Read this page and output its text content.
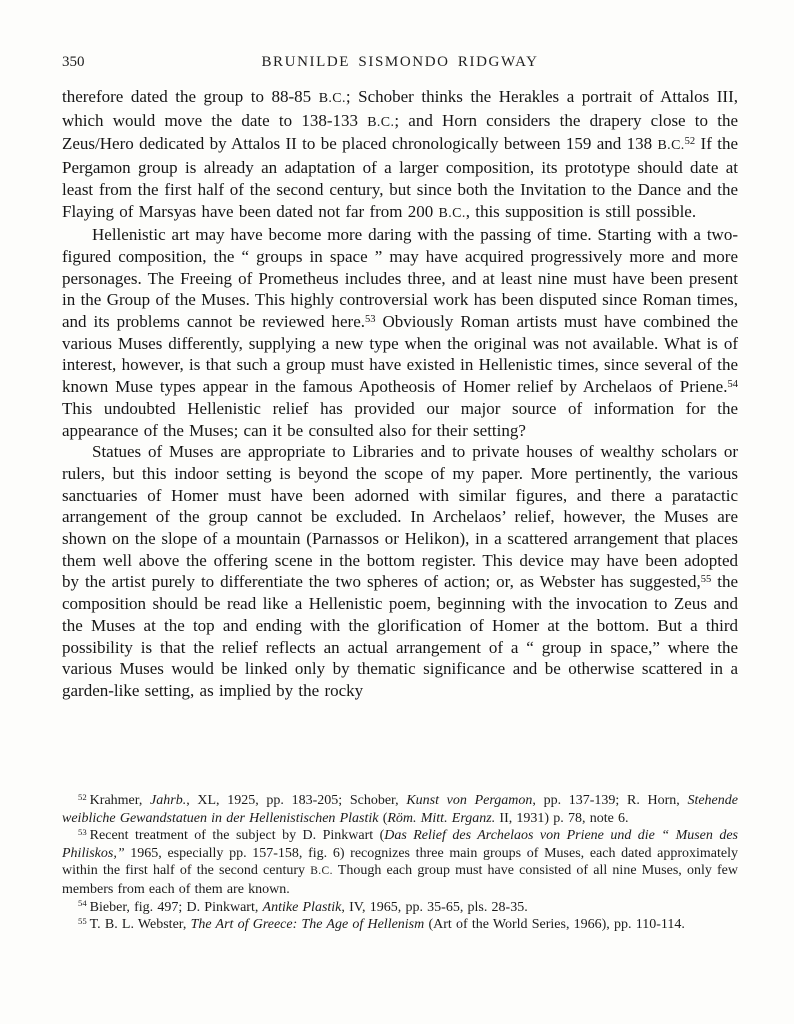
350	BRUNILDE SISMONDO RIDGWAY

therefore dated the group to 88-85 B.C.; Schober thinks the Herakles a portrait of Attalos III, which would move the date to 138-133 B.C.; and Horn considers the drapery close to the Zeus/Hero dedicated by Attalos II to be placed chronologically between 159 and 138 B.C.$^{52}$ If the Pergamon group is already an adaptation of a larger composition, its prototype should date at least from the first half of the second century, but since both the Invitation to the Dance and the Flaying of Marsyas have been dated not far from 200 B.C., this supposition is still possible.

Hellenistic art may have become more daring with the passing of time. Starting with a two-figured composition, the “ groups in space ” may have acquired progressively more and more personages. The Freeing of Prometheus includes three, and at least nine must have been present in the Group of the Muses. This highly controversial work has been disputed since Roman times, and its problems cannot be reviewed here.$^{53}$ Obviously Roman artists must have combined the various Muses differently, supplying a new type when the original was not available. What is of interest, however, is that such a group must have existed in Hellenistic times, since several of the known Muse types appear in the famous Apotheosis of Homer relief by Archelaos of Priene.$^{54}$ This undoubted Hellenistic relief has provided our major source of information for the appearance of the Muses; can it be consulted also for their setting?

Statues of Muses are appropriate to Libraries and to private houses of wealthy scholars or rulers, but this indoor setting is beyond the scope of my paper. More pertinently, the various sanctuaries of Homer must have been adorned with similar figures, and there a paratactic arrangement of the group cannot be excluded. In Archelaos’ relief, however, the Muses are shown on the slope of a mountain (Parnassos or Helikon), in a scattered arrangement that places them well above the offering scene in the bottom register. This device may have been adopted by the artist purely to differentiate the two spheres of action; or, as Webster has suggested,$^{55}$ the composition should be read like a Hellenistic poem, beginning with the invocation to Zeus and the Muses at the top and ending with the glorification of Homer at the bottom. But a third possibility is that the relief reflects an actual arrangement of a “ group in space,” where the various Muses would be linked only by thematic significance and be otherwise scattered in a garden-like setting, as implied by the rocky

$^{52}$ Krahmer, Jahrb., XL, 1925, pp. 183-205; Schober, Kunst von Pergamon, pp. 137-139; R. Horn, Stehende weibliche Gewandstatuen in der Hellenistischen Plastik (Röm. Mitt. Erganz. II, 1931) p. 78, note 6.

$^{53}$ Recent treatment of the subject by D. Pinkwart (Das Relief des Archelaos von Priene und die “ Musen des Philiskos,” 1965, especially pp. 157-158, fig. 6) recognizes three main groups of Muses, each dated approximately within the first half of the second century B.C. Though each group must have consisted of all nine Muses, only few members from each of them are known.

$^{54}$ Bieber, fig. 497; D. Pinkwart, Antike Plastik, IV, 1965, pp. 35-65, pls. 28-35.

$^{55}$ T. B. L. Webster, The Art of Greece: The Age of Hellenism (Art of the World Series, 1966), pp. 110-114.
